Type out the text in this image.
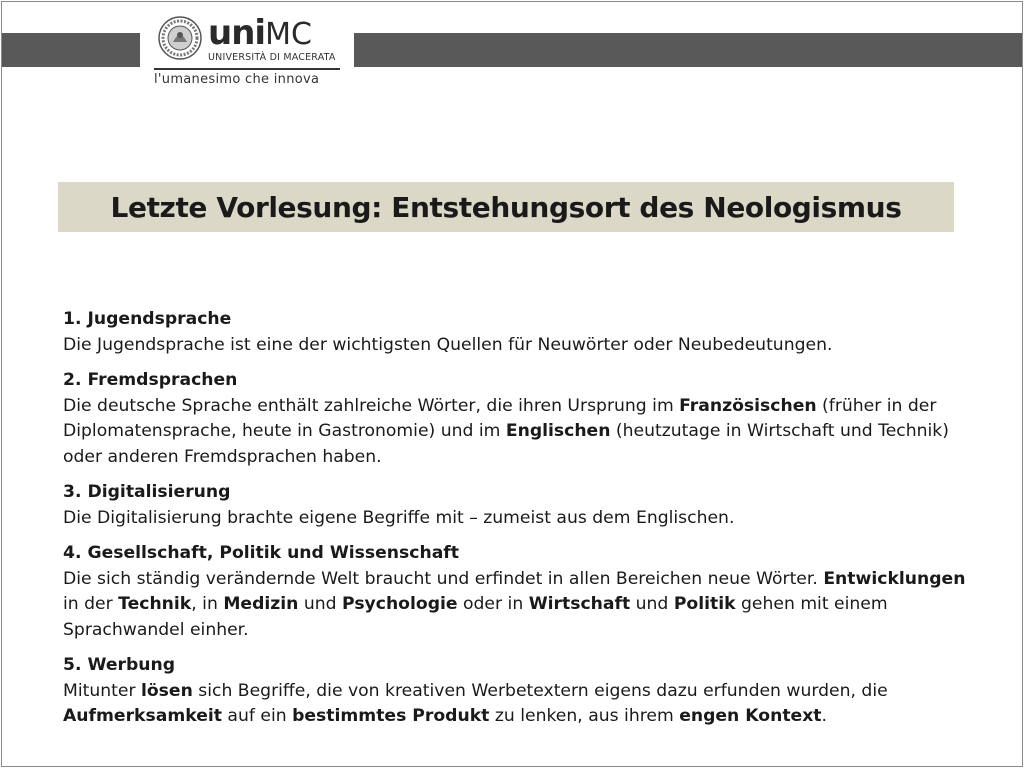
uniMC
UNIVERSITÀ DI MACERATA
l'umanesimo che innova
Letzte Vorlesung: Entstehungsort des Neologismus
1. Jugendsprache
Die Jugendsprache ist eine der wichtigsten Quellen für Neuwörter oder Neubedeutungen.
2. Fremdsprachen
Die deutsche Sprache enthält zahlreiche Wörter, die ihren Ursprung im Französischen (früher in der Diplomatensprache, heute in Gastronomie) und im Englischen (heutzutage in Wirtschaft und Technik) oder anderen Fremdsprachen haben.
3. Digitalisierung
Die Digitalisierung brachte eigene Begriffe mit – zumeist aus dem Englischen.
4. Gesellschaft, Politik und Wissenschaft
Die sich ständig verändernde Welt braucht und erfindet in allen Bereichen neue Wörter. Entwicklungen in der Technik, in Medizin und Psychologie oder in Wirtschaft und Politik gehen mit einem Sprachwandel einher.
5. Werbung
Mitunter lösen sich Begriffe, die von kreativen Werbetextern eigens dazu erfunden wurden, die Aufmerksamkeit auf ein bestimmtes Produkt zu lenken, aus ihrem engen Kontext.
